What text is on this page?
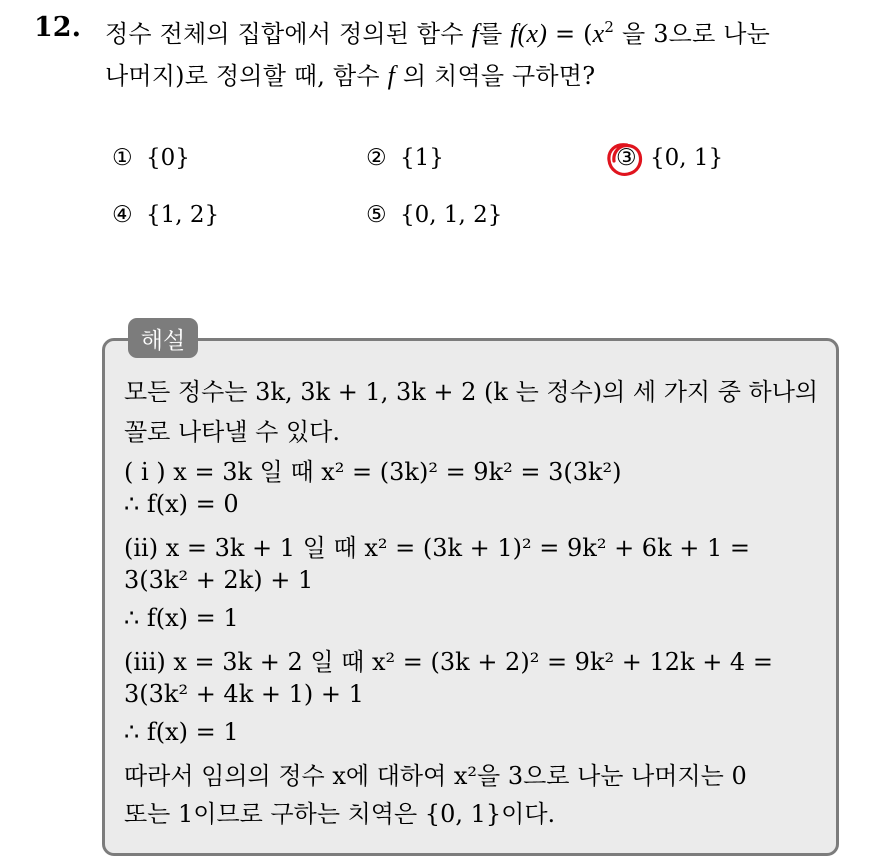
12. 정수 전체의 집합에서 정의된 함수 f를 $f(x) = (x^2$ 을 3으로 나눈
나머지)로 정의할 때, 함수 f 의 치역을 구하면?
① {0}	② {1}	③ {0, 1}
④ {1, 2}	⑤ {0, 1, 2}
해설
모든 정수는 3k, 3k + 1, 3k + 2 (k 는 정수)의 세 가지 중 하나의
꼴로 나타낼 수 있다.
( i ) x = 3k 일 때 x² = (3k)² = 9k² = 3(3k²)
∴ f(x) = 0
(ii) x = 3k + 1 일 때 x² = (3k + 1)² = 9k² + 6k + 1 =
3(3k² + 2k) + 1
∴ f(x) = 1
(iii) x = 3k + 2 일 때 x² = (3k + 2)² = 9k² + 12k + 4 =
3(3k² + 4k + 1) + 1
∴ f(x) = 1
따라서 임의의 정수 x에 대하여 x²을 3으로 나눈 나머지는 0
또는 1이므로 구하는 치역은 {0, 1}이다.
